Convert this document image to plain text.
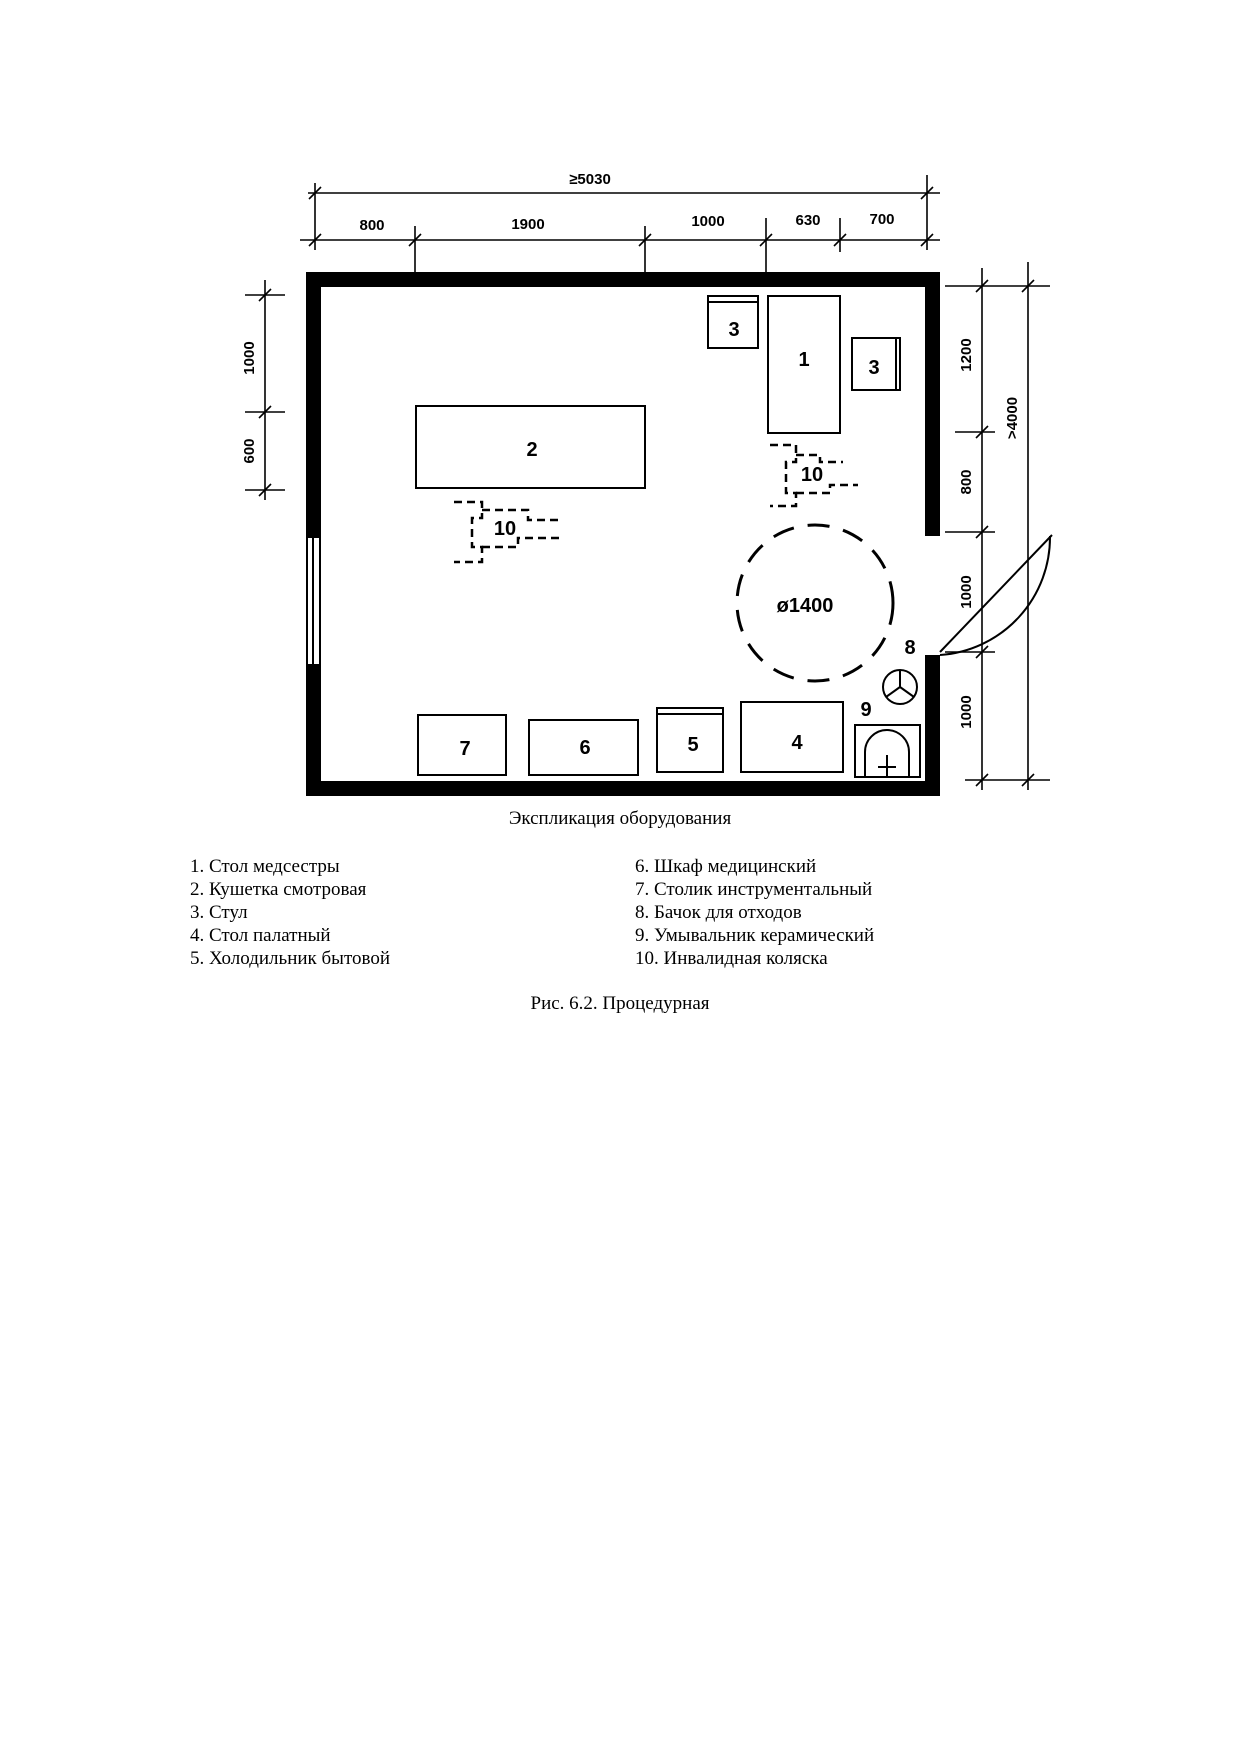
≥5030
800	1900	1000	630	700
1000
600
1200
800
1000
1000
>4000
1
2
3
3
4
5
6
7
8
9
10
10
ø1400
Экспликация оборудования
1. Стол медсестры
2. Кушетка смотровая
3. Стул
4. Стол палатный
5. Холодильник бытовой
6. Шкаф медицинский
7. Столик инструментальный
8. Бачок для отходов
9. Умывальник керамический
10. Инвалидная коляска
Рис. 6.2. Процедурная
